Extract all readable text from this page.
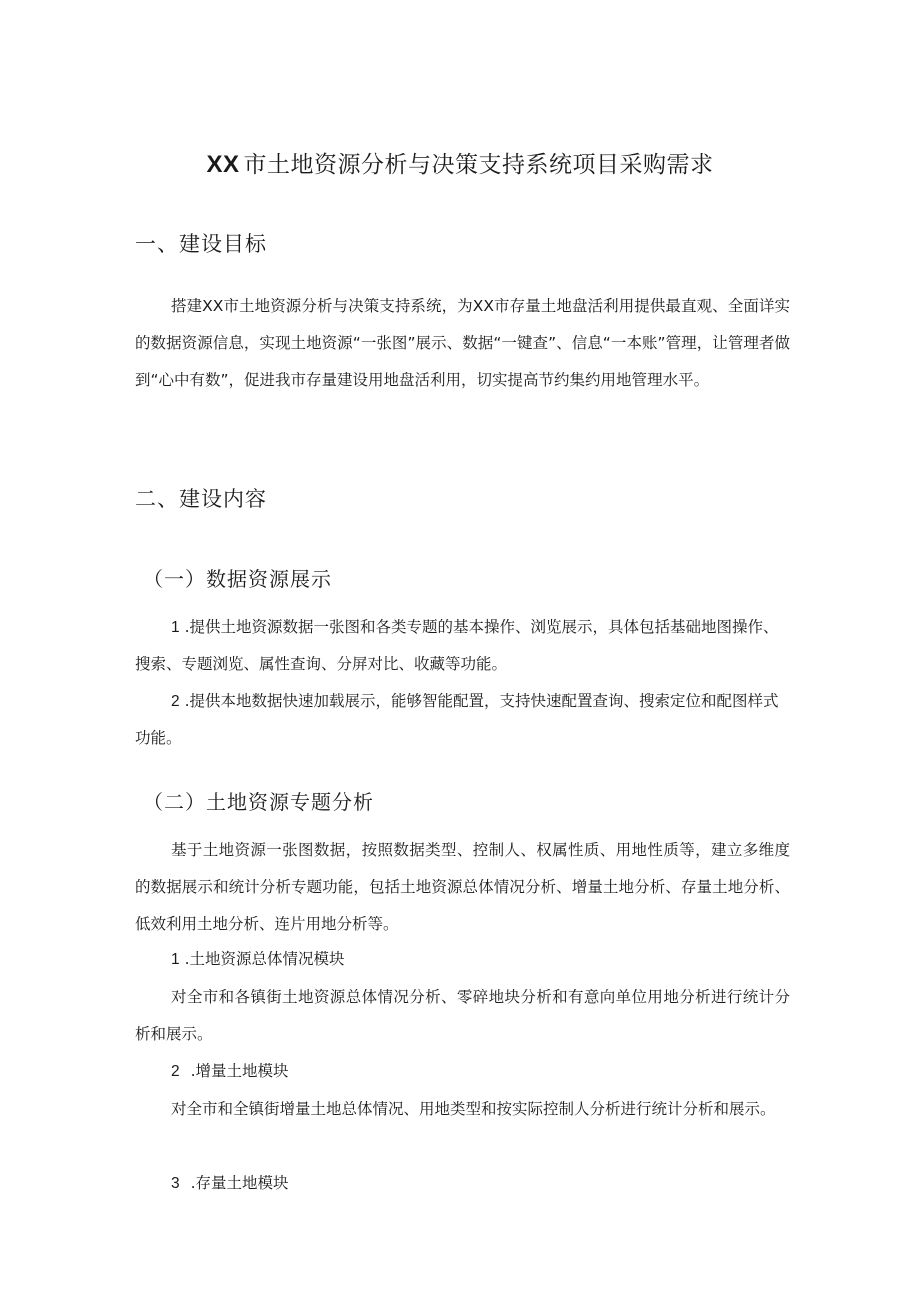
XX 市土地资源分析与决策支持系统项目采购需求
一、建设目标

搭建XX市土地资源分析与决策支持系统，为XX市存量土地盘活利用提供最直观、全面详实的数据资源信息，实现土地资源“一张图”展示、数据“一键查”、信息“一本账”管理，让管理者做到“心中有数”，促进我市存量建设用地盘活利用，切实提高节约集约用地管理水平。

二、建设内容
（一）数据资源展示

1 .提供土地资源数据一张图和各类专题的基本操作、浏览展示，具体包括基础地图操作、搜索、专题浏览、属性查询、分屏对比、收藏等功能。

2 .提供本地数据快速加载展示，能够智能配置，支持快速配置查询、搜索定位和配图样式功能。

（二）土地资源专题分析

基于土地资源一张图数据，按照数据类型、控制人、权属性质、用地性质等，建立多维度的数据展示和统计分析专题功能，包括土地资源总体情况分析、增量土地分析、存量土地分析、低效利用土地分析、连片用地分析等。

1 .土地资源总体情况模块

对全市和各镇街土地资源总体情况分析、零碎地块分析和有意向单位用地分析进行统计分析和展示。

2 .增量土地模块

对全市和全镇街增量土地总体情况、用地类型和按实际控制人分析进行统计分析和展示。

3 .存量土地模块
